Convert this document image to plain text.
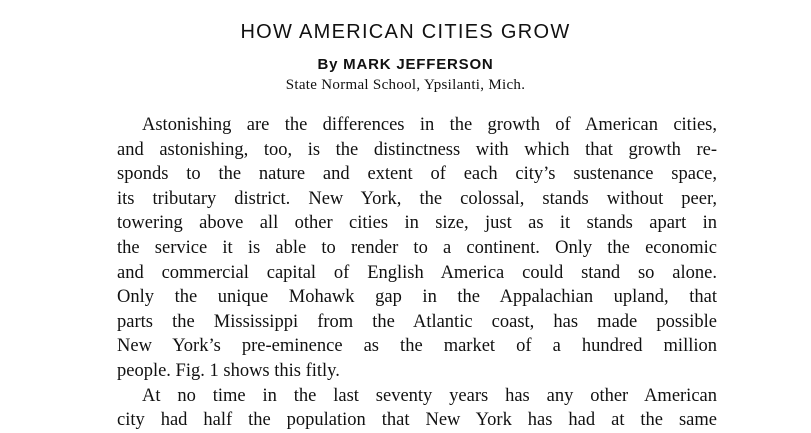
HOW AMERICAN CITIES GROW
By MARK JEFFERSON
State Normal School, Ypsilanti, Mich.
Astonishing are the differences in the growth of American cities,
and astonishing, too, is the distinctness with which that growth re-
sponds to the nature and extent of each city’s sustenance space,
its tributary district. New York, the colossal, stands without peer,
towering above all other cities in size, just as it stands apart in
the service it is able to render to a continent. Only the economic
and commercial capital of English America could stand so alone.
Only the unique Mohawk gap in the Appalachian upland, that
parts the Mississippi from the Atlantic coast, has made possible
New York’s pre-eminence as the market of a hundred million
people. Fig. 1 shows this fitly.
At no time in the last seventy years has any other American
city had half the population that New York has had at the same
